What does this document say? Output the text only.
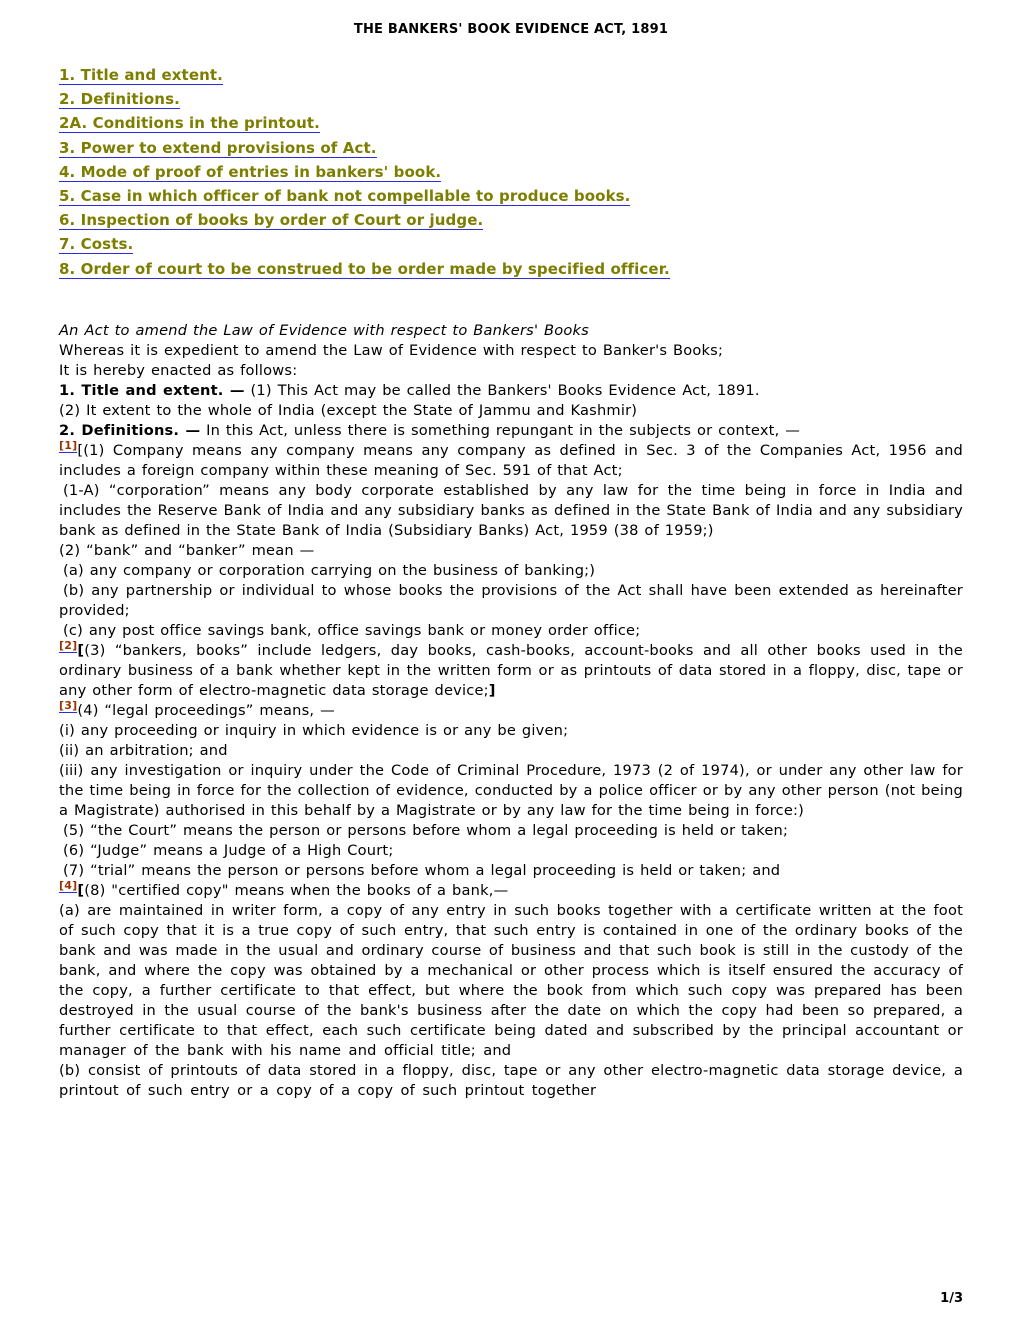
THE BANKERS' BOOK EVIDENCE ACT, 1891
1. Title and extent.
2. Definitions.
2A. Conditions in the printout.
3. Power to extend provisions of Act.
4. Mode of proof of entries in bankers' book.
5. Case in which officer of bank not compellable to produce books.
6. Inspection of books by order of Court or judge.
7. Costs.
8. Order of court to be construed to be order made by specified officer.

An Act to amend the Law of Evidence with respect to Bankers' Books

Whereas it is expedient to amend the Law of Evidence with respect to Banker's Books;

It is hereby enacted as follows:

1. Title and extent. — (1) This Act may be called the Bankers' Books Evidence Act, 1891.

(2) It extent to the whole of India (except the State of Jammu and Kashmir)

2. Definitions. — In this Act, unless there is something repungant in the subjects or context, —

[1][(1) Company means any company means any company as defined in Sec. 3 of the Companies Act, 1956 and includes a foreign company within these meaning of Sec. 591 of that Act;

(1-A) “corporation” means any body corporate established by any law for the time being in force in India and includes the Reserve Bank of India and any subsidiary banks as defined in the State Bank of India and any subsidiary bank as defined in the State Bank of India (Subsidiary Banks) Act, 1959 (38 of 1959;)

(2) “bank” and “banker” mean —

(a) any company or corporation carrying on the business of banking;)

(b) any partnership or individual to whose books the provisions of the Act shall have been extended as hereinafter provided;

(c) any post office savings bank, office savings bank or money order office;

[2][(3) “bankers, books” include ledgers, day books, cash-books, account-books and all other books used in the ordinary business of a bank whether kept in the written form or as printouts of data stored in a floppy, disc, tape or any other form of electro-magnetic data storage device;]

[3](4) “legal proceedings” means, —

(i) any proceeding or inquiry in which evidence is or any be given;

(ii) an arbitration; and

(iii) any investigation or inquiry under the Code of Criminal Procedure, 1973 (2 of 1974), or under any other law for the time being in force for the collection of evidence, conducted by a police officer or by any other person (not being a Magistrate) authorised in this behalf by a Magistrate or by any law for the time being in force:)

(5) “the Court” means the person or persons before whom a legal proceeding is held or taken;

(6) “Judge” means a Judge of a High Court;

(7) “trial” means the person or persons before whom a legal proceeding is held or taken; and

[4][(8) "certified copy" means when the books of a bank,—

(a) are maintained in writer form, a copy of any entry in such books together with a certificate written at the foot of such copy that it is a true copy of such entry, that such entry is contained in one of the ordinary books of the bank and was made in the usual and ordinary course of business and that such book is still in the custody of the bank, and where the copy was obtained by a mechanical or other process which is itself ensured the accuracy of the copy, a further certificate to that effect, but where the book from which such copy was prepared has been destroyed in the usual course of the bank's business after the date on which the copy had been so prepared, a further certificate to that effect, each such certificate being dated and subscribed by the principal accountant or manager of the bank with his name and official title; and

(b) consist of printouts of data stored in a floppy, disc, tape or any other electro-magnetic data storage device, a printout of such entry or a copy of a copy of such printout together

1/3
